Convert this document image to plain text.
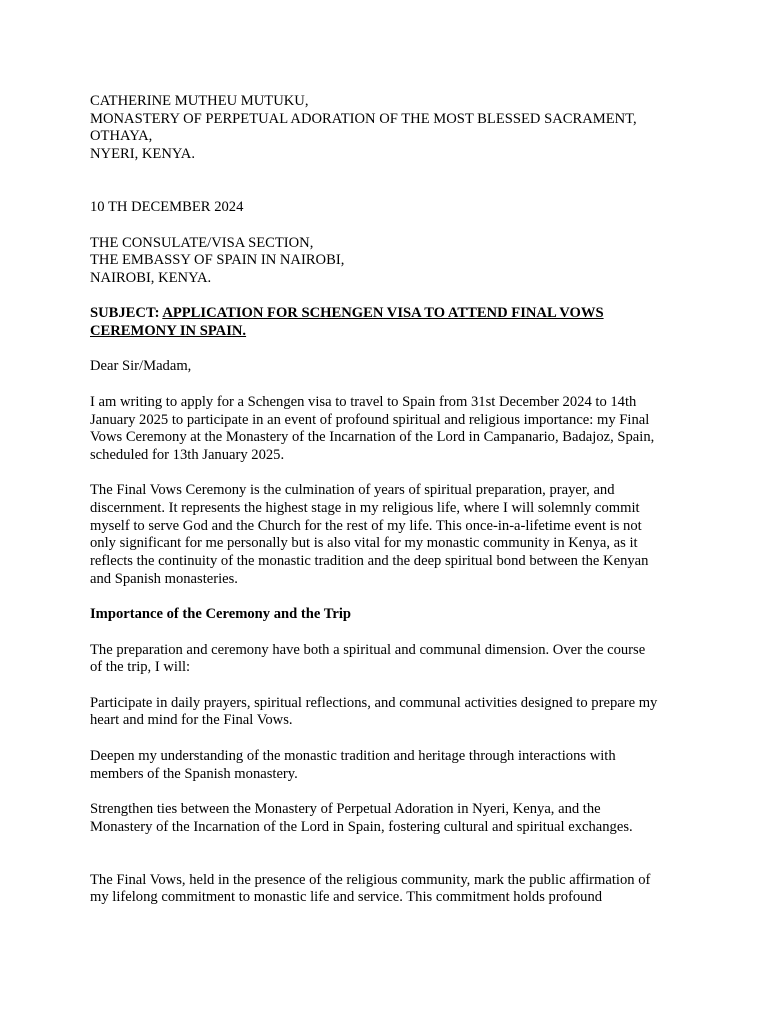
CATHERINE MUTHEU MUTUKU,
MONASTERY OF PERPETUAL ADORATION OF THE MOST BLESSED SACRAMENT,
OTHAYA,
NYERI, KENYA.
10 TH DECEMBER 2024
THE CONSULATE/VISA SECTION,
THE EMBASSY OF SPAIN IN NAIROBI,
NAIROBI, KENYA.
SUBJECT: APPLICATION FOR SCHENGEN VISA TO ATTEND FINAL VOWS
CEREMONY IN SPAIN.
Dear Sir/Madam,
I am writing to apply for a Schengen visa to travel to Spain from 31st December 2024 to 14th
January 2025 to participate in an event of profound spiritual and religious importance: my Final
Vows Ceremony at the Monastery of the Incarnation of the Lord in Campanario, Badajoz, Spain,
scheduled for 13th January 2025.
The Final Vows Ceremony is the culmination of years of spiritual preparation, prayer, and
discernment. It represents the highest stage in my religious life, where I will solemnly commit
myself to serve God and the Church for the rest of my life. This once-in-a-lifetime event is not
only significant for me personally but is also vital for my monastic community in Kenya, as it
reflects the continuity of the monastic tradition and the deep spiritual bond between the Kenyan
and Spanish monasteries.
Importance of the Ceremony and the Trip
The preparation and ceremony have both a spiritual and communal dimension. Over the course
of the trip, I will:
Participate in daily prayers, spiritual reflections, and communal activities designed to prepare my
heart and mind for the Final Vows.
Deepen my understanding of the monastic tradition and heritage through interactions with
members of the Spanish monastery.
Strengthen ties between the Monastery of Perpetual Adoration in Nyeri, Kenya, and the
Monastery of the Incarnation of the Lord in Spain, fostering cultural and spiritual exchanges.
The Final Vows, held in the presence of the religious community, mark the public affirmation of
my lifelong commitment to monastic life and service. This commitment holds profound
